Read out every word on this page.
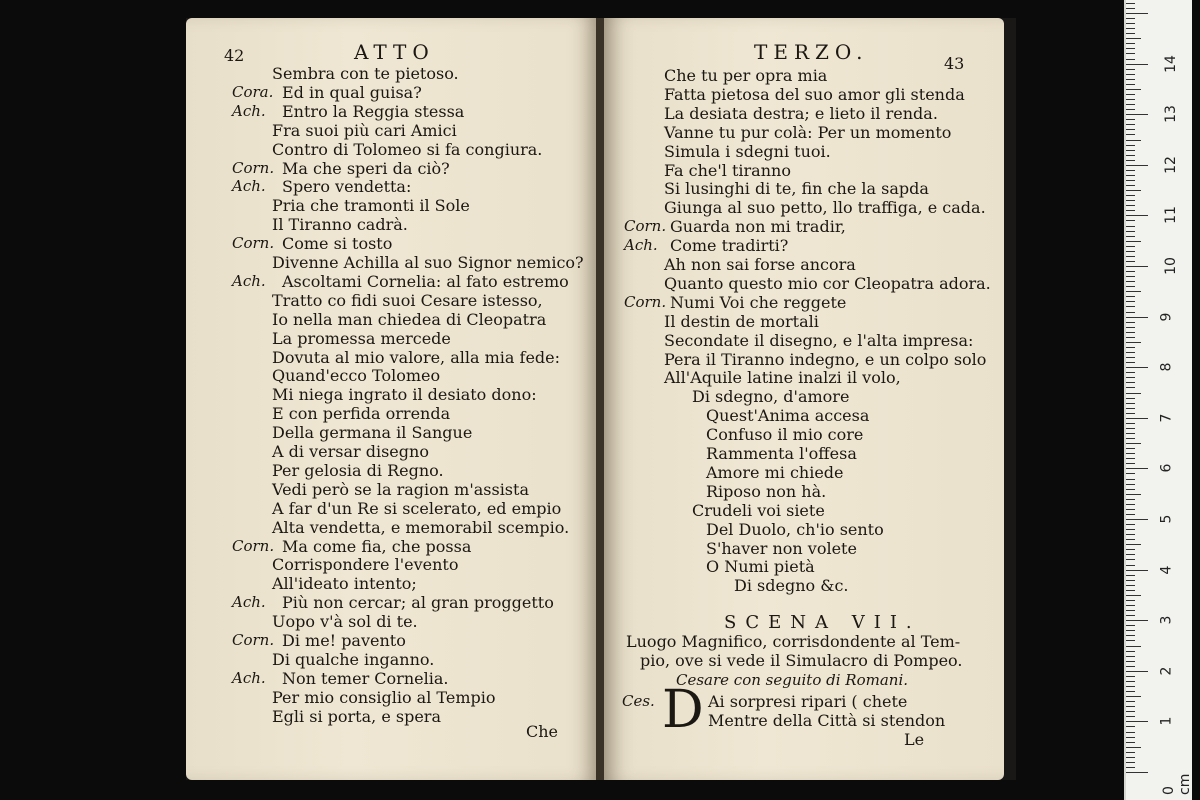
42	ATTO
Sembra con te pietoso.
Cora. Ed in qual guisa?
Ach. Entro la Reggia stessa
Fra suoi più cari Amici
Contro di Tolomeo si fa congiura.
Corn. Ma che speri da ciò?
Ach. Spero vendetta:
Pria che tramonti il Sole
Il Tiranno cadrà.
Corn. Come si tosto
Divenne Achilla al suo Signor nemico?
Ach. Ascoltami Cornelia: al fato estremo
Tratto co fidi suoi Cesare istesso,
Io nella man chiedea di Cleopatra
La promessa mercede
Dovuta al mio valore, alla mia fede:
Quand'ecco Tolomeo
Mi niega ingrato il desiato dono:
E con perfida orrenda
Della germana il Sangue
A di versar disegno
Per gelosia di Regno.
Vedi però se la ragion m'assista
A far d'un Re si scelerato, ed empio
Alta vendetta, e memorabil scempio.
Corn. Ma come fia, che possa
Corrispondere l'evento
All'ideato intento;
Ach. Più non cercar; al gran proggetto
Uopo v'à sol di te.
Corn. Di me! pavento
Di qualche inganno.
Ach. Non temer Cornelia.
Per mio consiglio al Tempio
Egli si porta, e spera
Che
TERZO.	43
Che tu per opra mia
Fatta pietosa del suo amor gli stenda
La desiata destra; e lieto il renda.
Vanne tu pur colà: Per un momento
Simula i sdegni tuoi.
Fa che'l tiranno
Si lusinghi di te, fin che la sapda
Giunga al suo petto, llo traffiga, e cada.
Corn. Guarda non mi tradir,
Ach. Come tradirti?
Ah non sai forse ancora
Quanto questo mio cor Cleopatra adora.
Corn. Numi Voi che reggete
Il destin de mortali
Secondate il disegno, e l'alta impresa:
Pera il Tiranno indegno, e un colpo solo
All'Aquile latine inalzi il volo,
Di sdegno, d'amore
Quest'Anima accesa
Confuso il mio core
Rammenta l'offesa
Amore mi chiede
Riposo non hà.
Crudeli voi siete
Del Duolo, ch'io sento
S'haver non volete
O Numi pietà
Di sdegno &c.
SCENA VII.
Luogo Magnifico, corrisdondente al Tem-
pio, ove si vede il Simulacro di Pompeo.
Cesare con seguito di Romani.
Ces. D Ai sorpresi ripari ( chete
Mentre della Città si stendon
Le
0 cm
1
2
3
4
5
6
7
8
9
10
11
12
13
14
